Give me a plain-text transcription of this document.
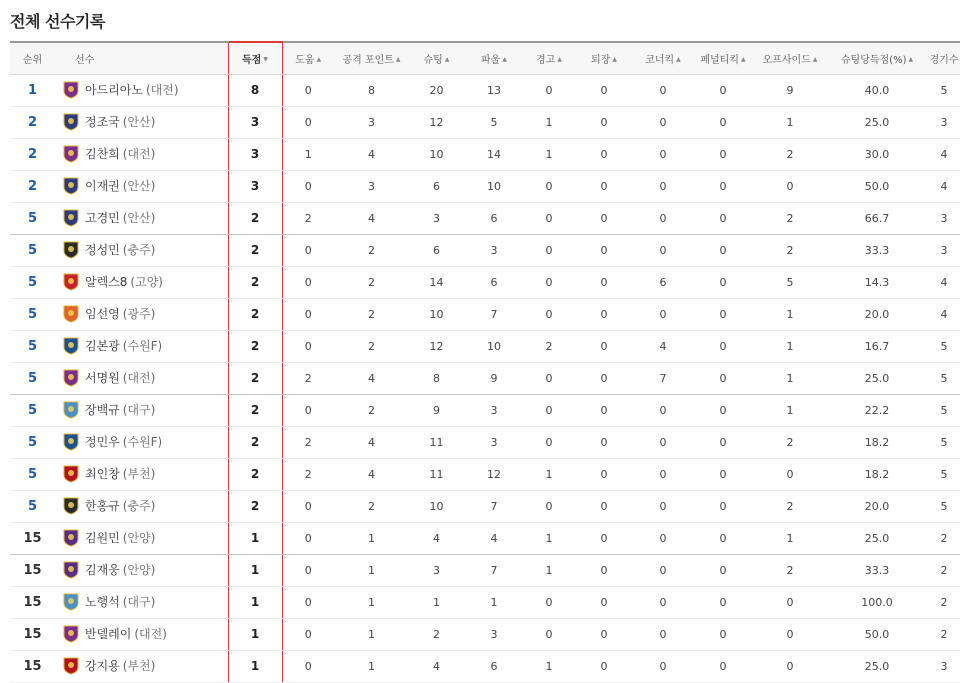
전체 선수기록
순위	선수	득점 ▼	도움 ▲	공격 포인트 ▲	슈팅 ▲	파울 ▲	경고 ▲	퇴장 ▲	코너킥 ▲	페널티킥 ▲	오프사이드 ▲	슈팅당득점(%) ▲	경기수
1	아드리아노 (대전)	8	0	8	20	13	0	0	0	0	9	40.0	5
2	정조국 (안산)	3	0	3	12	5	1	0	0	0	1	25.0	3
2	김찬희 (대전)	3	1	4	10	14	1	0	0	0	2	30.0	4
2	이재권 (안산)	3	0	3	6	10	0	0	0	0	0	50.0	4
5	고경민 (안산)	2	2	4	3	6	0	0	0	0	2	66.7	3
5	정성민 (충주)	2	0	2	6	3	0	0	0	0	2	33.3	3
5	알렉스8 (고양)	2	0	2	14	6	0	0	6	0	5	14.3	4
5	임선영 (광주)	2	0	2	10	7	0	0	0	0	1	20.0	4
5	김본광 (수원F)	2	0	2	12	10	2	0	4	0	1	16.7	5
5	서명원 (대전)	2	2	4	8	9	0	0	7	0	1	25.0	5
5	장백규 (대구)	2	0	2	9	3	0	0	0	0	1	22.2	5
5	정민우 (수원F)	2	2	4	11	3	0	0	0	0	2	18.2	5
5	최인창 (부천)	2	2	4	11	12	1	0	0	0	0	18.2	5
5	한홍규 (충주)	2	0	2	10	7	0	0	0	0	2	20.0	5
15	김원민 (안양)	1	0	1	4	4	1	0	0	0	1	25.0	2
15	김재웅 (안양)	1	0	1	3	7	1	0	0	0	2	33.3	2
15	노행석 (대구)	1	0	1	1	1	0	0	0	0	0	100.0	2
15	반델레이 (대전)	1	0	1	2	3	0	0	0	0	0	50.0	2
15	강지용 (부천)	1	0	1	4	6	1	0	0	0	0	25.0	3
